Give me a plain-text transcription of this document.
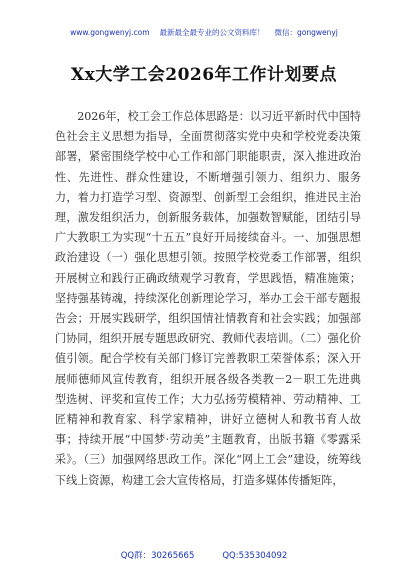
www.gongwenyj.com 最新最全最专业的公文资料库！ 微信：gongwenyj
Xx大学工会2026年工作计划要点

2026年，校工会工作总体思路是：以习近平新时代中国特色社会主义思想为指导，全面贯彻落实党中央和学校党委决策部署，紧密围绕学校中心工作和部门职能职责，深入推进政治性、先进性、群众性建设，不断增强引领力、组织力、服务力，着力打造学习型、资源型、创新型工会组织，推进民主治理，激发组织活力，创新服务载体，加强数智赋能，团结引导广大教职工为实现“十五五”良好开局接续奋斗。一、加强思想政治建设（一）强化思想引领。按照学校党委工作部署，组织开展树立和践行正确政绩观学习教育，学思践悟，精准施策；坚持强基铸魂，持续深化创新理论学习，举办工会干部专题报告会；开展实践研学，组织国情社情教育和社会实践；加强部门协同，组织开展专题思政研究、教师代表培训。（二）强化价值引领。配合学校有关部门修订完善教职工荣誉体系；深入开展师德师风宣传教育，组织开展各级各类教－2－职工先进典型选树、评奖和宣传工作；大力弘扬劳模精神、劳动精神、工匠精神和教育家、科学家精神，讲好立德树人和教书育人故事；持续开展“中国梦·劳动美”主题教育，出版书籍《零露采采》。（三）加强网络思政工作。深化“网上工会”建设，统筹线下线上资源，构建工会大宣传格局，打造多媒体传播矩阵，

QQ群：30265665	QQ:535304092
